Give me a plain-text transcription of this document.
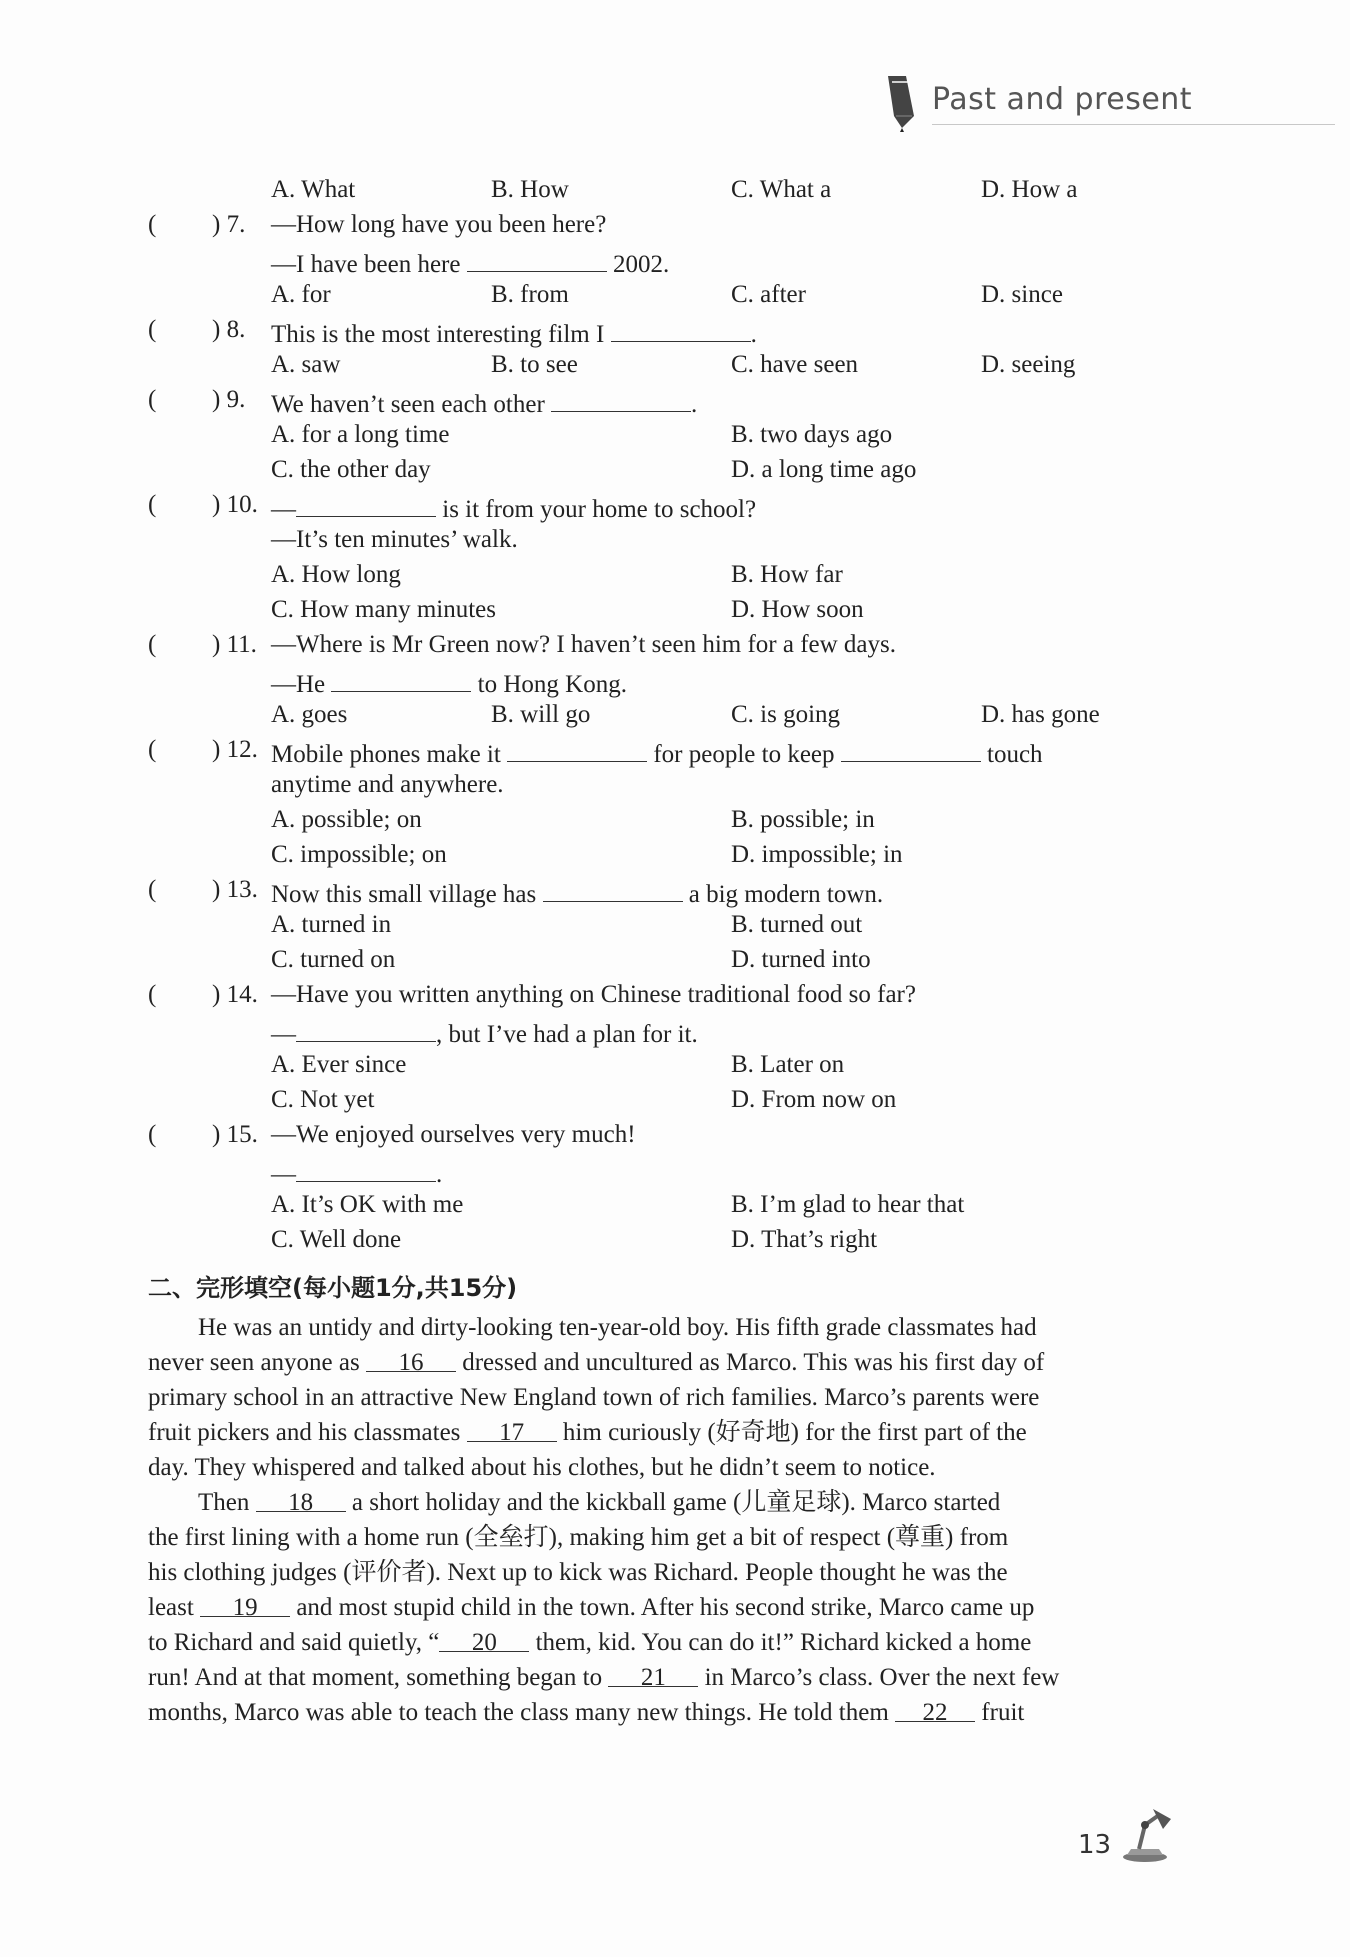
Past and present
A. What	B. How	C. What a	D. How a
( ) 7. —How long have you been here?
—I have been here	2002.
A. for	B. from	C. after	D. since
( ) 8. This is the most interesting film I	.
A. saw	B. to see	C. have seen	D. seeing
( ) 9. We haven’t seen each other	.
A. for a long time	B. two days ago
C. the other day	D. a long time ago
( ) 10. —	is it from your home to school?
—It’s ten minutes’ walk.
A. How long	B. How far
C. How many minutes	D. How soon
( ) 11. —Where is Mr Green now? I haven’t seen him for a few days.
—He	to Hong Kong.
A. goes	B. will go	C. is going	D. has gone
( ) 12. Mobile phones make it	for people to keep	touch
anytime and anywhere.
A. possible; on	B. possible; in
C. impossible; on	D. impossible; in
( ) 13. Now this small village has	a big modern town.
A. turned in	B. turned out
C. turned on	D. turned into
( ) 14. —Have you written anything on Chinese traditional food so far?
—	, but I’ve had a plan for it.
A. Ever since	B. Later on
C. Not yet	D. From now on
( ) 15. —We enjoyed ourselves very much!
—	.
A. It’s OK with me	B. I’m glad to hear that
C. Well done	D. That’s right
二、完形填空(每小题1分,共15分)
He was an untidy and dirty-looking ten-year-old boy. His fifth grade classmates had
never seen anyone as 16 dressed and uncultured as Marco. This was his first day of
primary school in an attractive New England town of rich families. Marco’s parents were
fruit pickers and his classmates 17 him curiously (好奇地) for the first part of the
day. They whispered and talked about his clothes, but he didn’t seem to notice.
Then 18 a short holiday and the kickball game (儿童足球). Marco started
the first lining with a home run (全垒打), making him get a bit of respect (尊重) from
his clothing judges (评价者). Next up to kick was Richard. People thought he was the
least 19 and most stupid child in the town. After his second strike, Marco came up
to Richard and said quietly, “ 20 them, kid. You can do it!” Richard kicked a home
run! And at that moment, something began to 21 in Marco’s class. Over the next few
months, Marco was able to teach the class many new things. He told them 22 fruit
13
